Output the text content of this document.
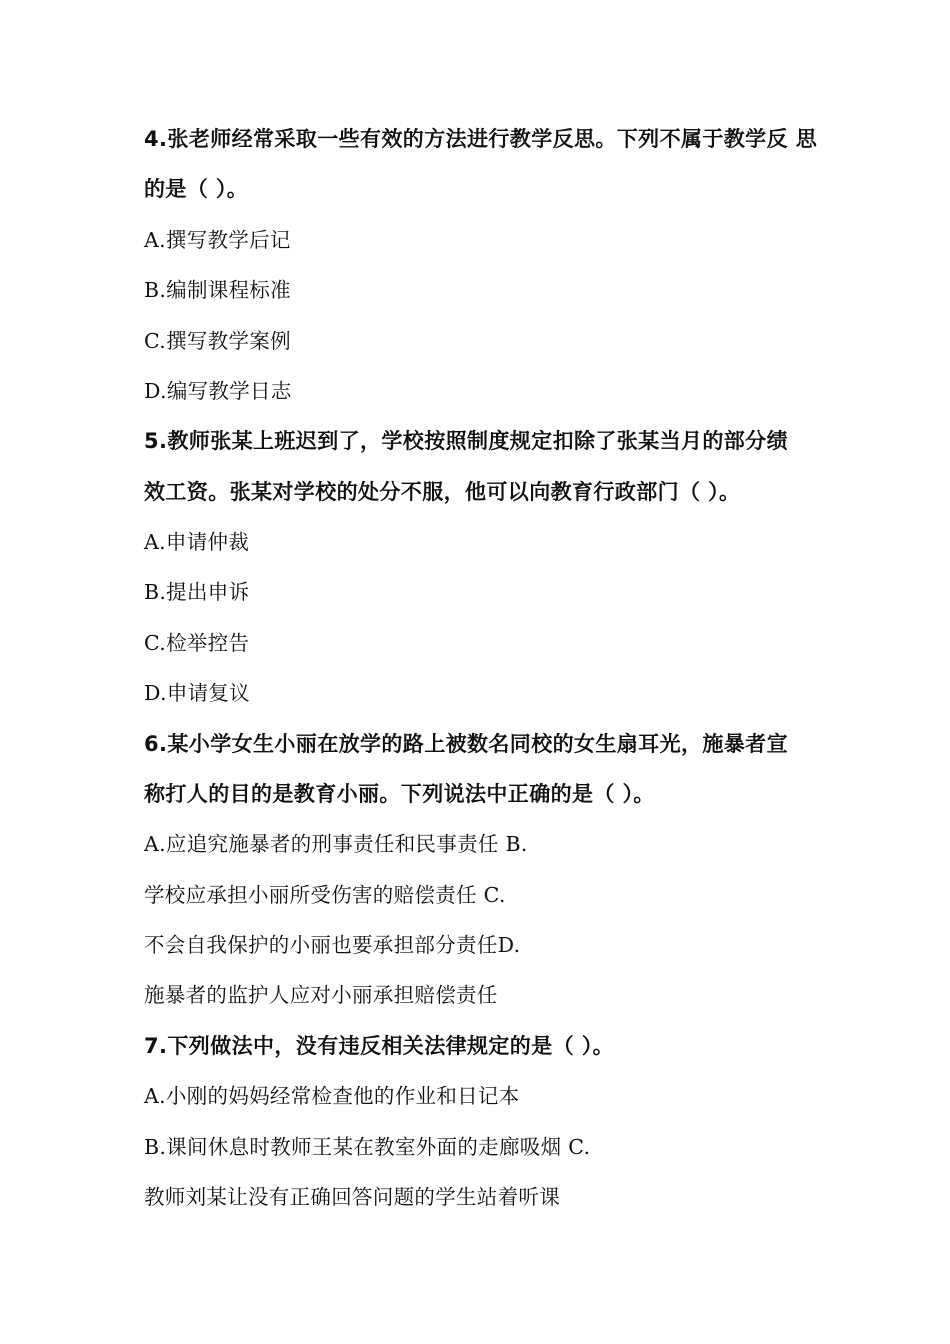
4.张老师经常采取一些有效的方法进行教学反思。下列不属于教学反 思
的是（ ）。
A.撰写教学后记
B.编制课程标准
C.撰写教学案例
D.编写教学日志
5.教师张某上班迟到了，学校按照制度规定扣除了张某当月的部分绩
效工资。张某对学校的处分不服，他可以向教育行政部门（ ）。
A.申请仲裁
B.提出申诉
C.检举控告
D.申请复议
6.某小学女生小丽在放学的路上被数名同校的女生扇耳光，施暴者宣
称打人的目的是教育小丽。下列说法中正确的是（ ）。
A.应追究施暴者的刑事责任和民事责任 B.
学校应承担小丽所受伤害的赔偿责任 C.
不会自我保护的小丽也要承担部分责任D.
施暴者的监护人应对小丽承担赔偿责任
7.下列做法中，没有违反相关法律规定的是（ ）。
A.小刚的妈妈经常检查他的作业和日记本
B.课间休息时教师王某在教室外面的走廊吸烟 C.
教师刘某让没有正确回答问题的学生站着听课
